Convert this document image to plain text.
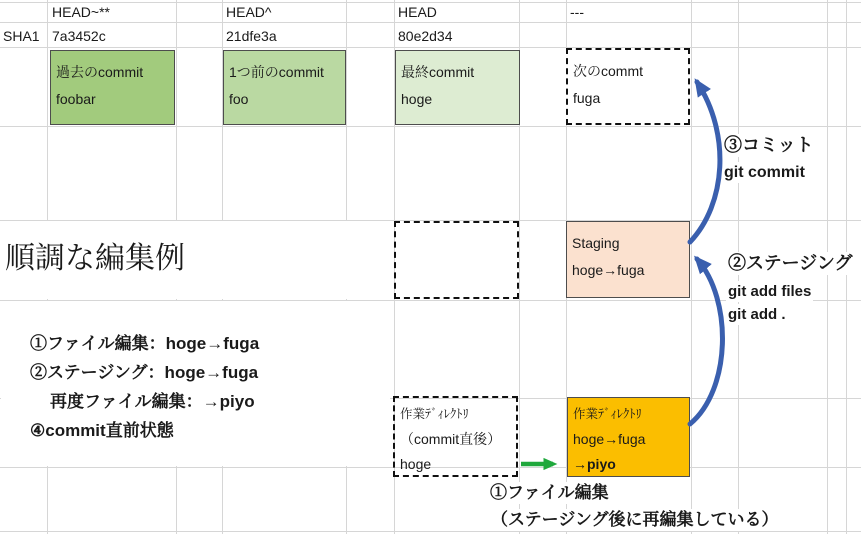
HEAD~**	HEAD^	HEAD	---
SHA1 7a3452c	21dfe3a	80e2d34
過去のcommit
foobar
1つ前のcommit
foo
最終commit
hoge
次のcommt
fuga
Staging
hoge→fuga
作業ﾃﾞｨﾚｸﾄﾘ
（commit直後）
hoge
作業ﾃﾞｨﾚｸﾄﾘ
hoge→fuga
→piyo
順調な編集例
①ファイル編集：hoge→fuga
②ステージング：hoge→fuga
再度ファイル編集：→piyo
④commit直前状態
③コミット
git commit
②ステージング
git add files
git add .
①ファイル編集
（ステージング後に再編集している）
